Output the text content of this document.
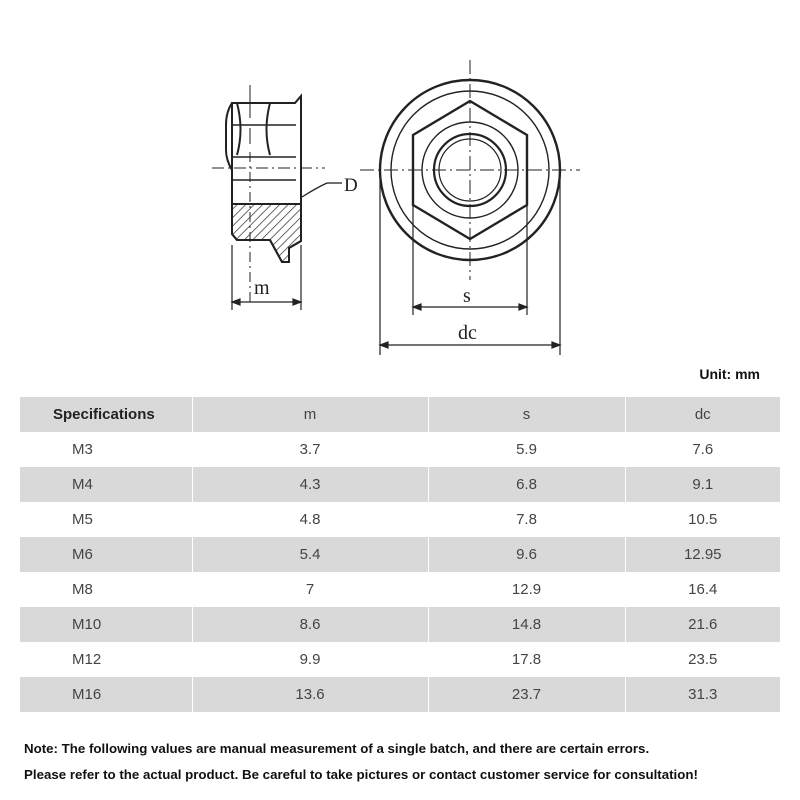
D
m	s
dc
Unit: mm
Specifications	m	s	dc
M3	3.7	5.9	7.6
M4	4.3	6.8	9.1
M5	4.8	7.8	10.5
M6	5.4	9.6	12.95
M8	7	12.9	16.4
M10	8.6	14.8	21.6
M12	9.9	17.8	23.5
M16	13.6	23.7	31.3
Note: The following values are manual measurement of a single batch, and there are certain errors.
Please refer to the actual product. Be careful to take pictures or contact customer service for consultation!
